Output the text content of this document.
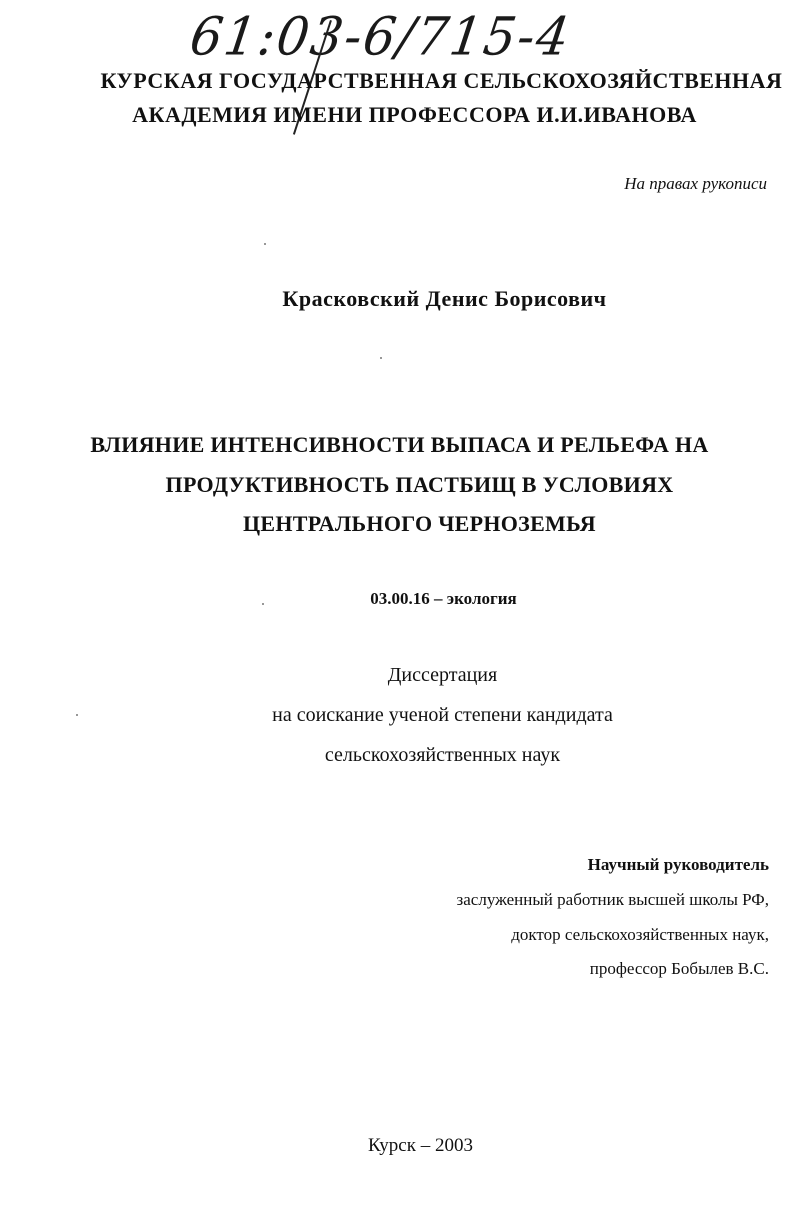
61:03-6/715-4
КУРСКАЯ ГОСУДАРСТВЕННАЯ СЕЛЬСКОХОЗЯЙСТВЕННАЯ
АКАДЕМИЯ ИМЕНИ ПРОФЕССОРА И.И.ИВАНОВА
На правах рукописи
Красковский Денис Борисович
ВЛИЯНИЕ ИНТЕНСИВНОСТИ ВЫПАСА И РЕЛЬЕФА НА
ПРОДУКТИВНОСТЬ ПАСТБИЩ В УСЛОВИЯХ
ЦЕНТРАЛЬНОГО ЧЕРНОЗЕМЬЯ
03.00.16 – экология
Диссертация
на соискание ученой степени кандидата
сельскохозяйственных наук
Научный руководитель
заслуженный работник высшей школы РФ,
доктор сельскохозяйственных наук,
профессор Бобылев В.С.
Курск – 2003
